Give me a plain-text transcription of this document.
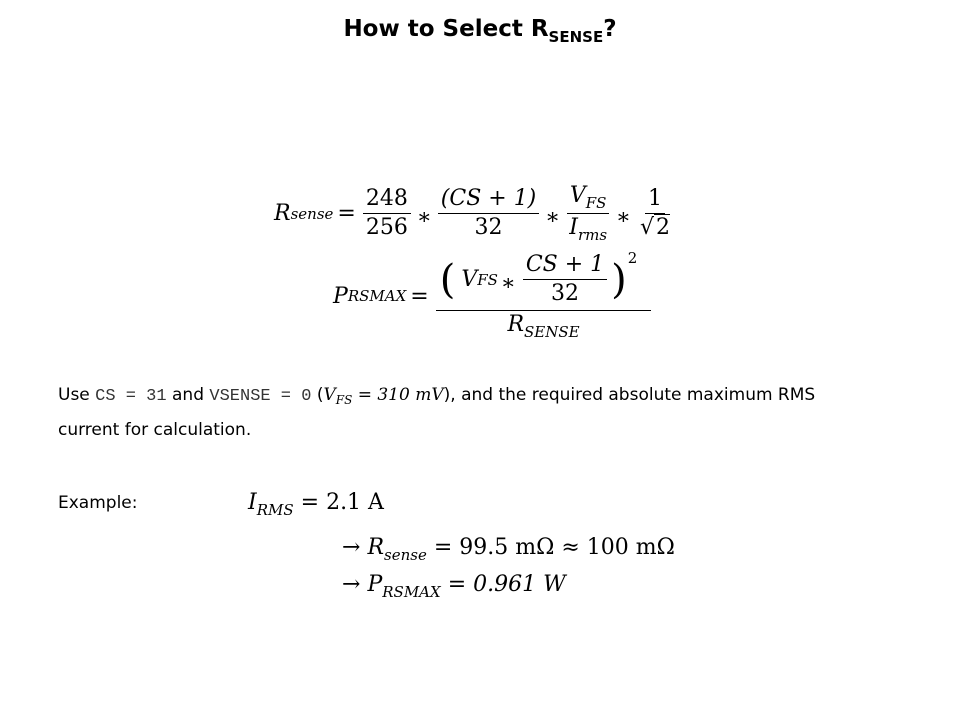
How to Select $R_{SENSE}$?
R sense = $\frac{248}{256}$ ∗ $\frac{(CS + 1)}{32}$ ∗ $\frac{V_{FS}}{I_{rms}}$ ∗ $\frac{1}{√2}$
P RSMAX = ( V FS ∗ $\frac{CS + 1}{32}$ ) 2
$R_{SENSE}$
Use CS = 31 and VSENSE = 0 ($V_{FS} = 310$ mV), and the required absolute maximum RMS current for calculation.
Example:	$I_{RMS} = 2.1$ A
→ $R_{sense} = 99.5$ mΩ ≈ 100 mΩ
→ $P_{RSMAX} = 0.961$ W
